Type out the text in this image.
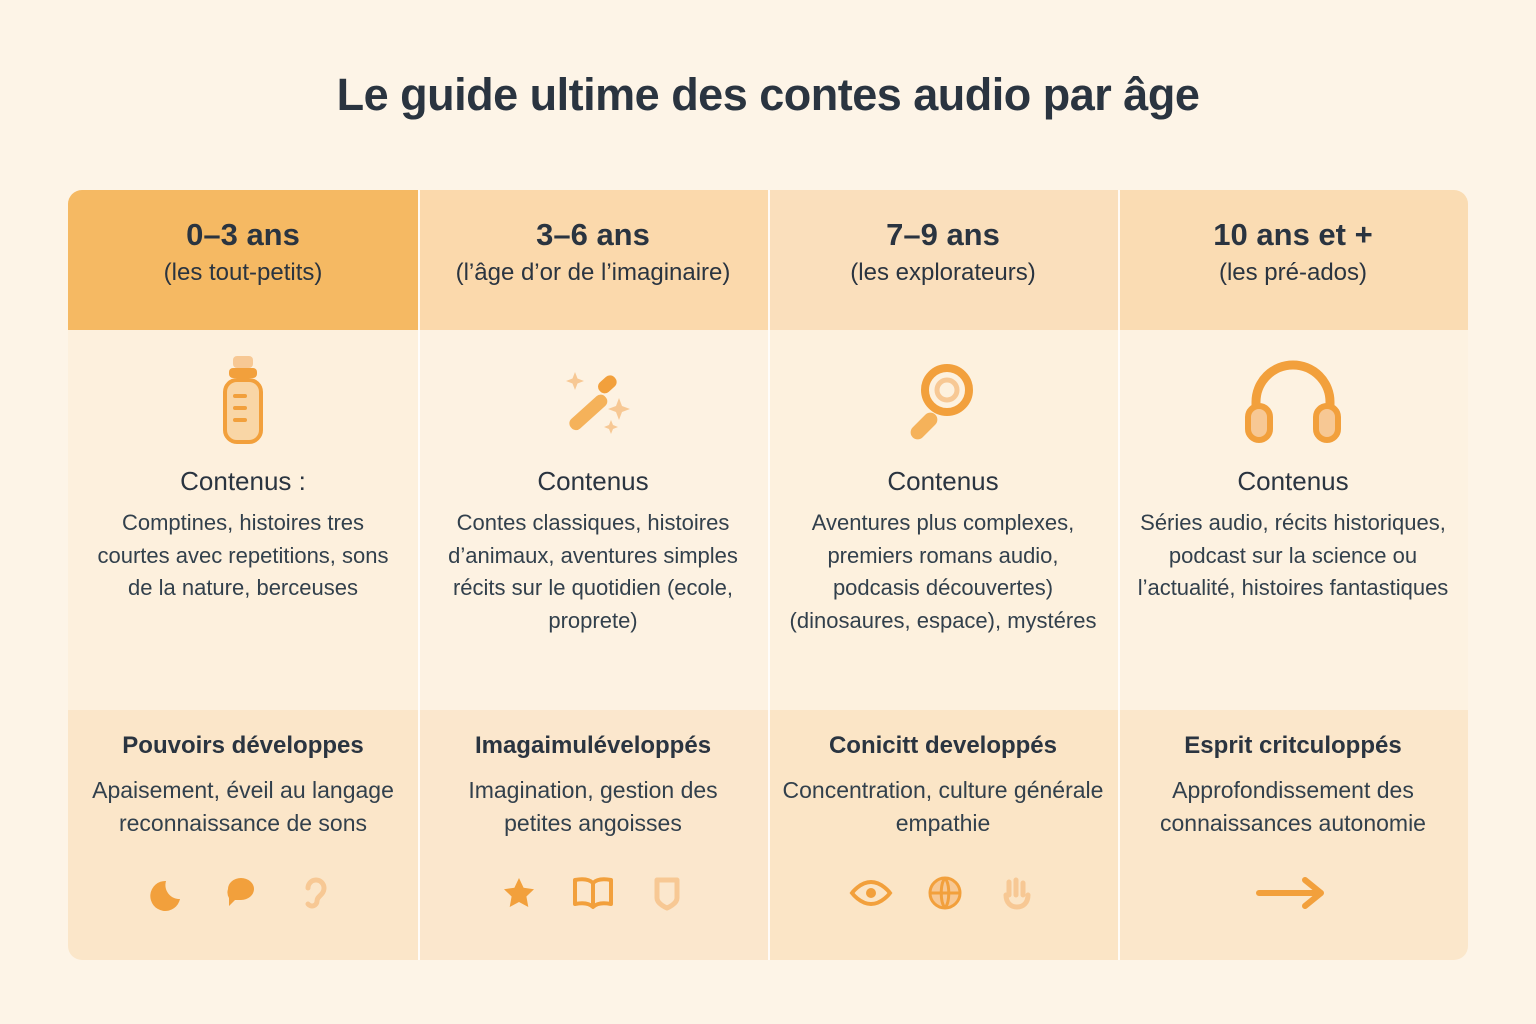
Le guide ultime des contes audio par âge
0–3 ans
(les tout-petits)
Contenus :
Comptines, histoires tres courtes avec repetitions, sons de la nature, berceuses
Pouvoirs développes
Apaisement, éveil au langage reconnaissance de sons
3–6 ans
(l’âge d’or de l’imaginaire)
Contenus
Contes classiques, histoires d’animaux, aventures simples récits sur le quotidien (ecole, proprete)
Imagaimuléveloppés
Imagination, gestion des petites angoisses
7–9 ans
(les explorateurs)
Contenus
Aventures plus complexes, premiers romans audio, podcasis découvertes) (dinosaures, espace), mystéres
Conicitt developpés
Concentration, culture générale empathie
10 ans et +
(les pré-ados)
Contenus
Séries audio, récits historiques, podcast sur la science ou l’actualité, histoires fantastiques
Esprit critculoppés
Approfondissement des connaissances autonomie
